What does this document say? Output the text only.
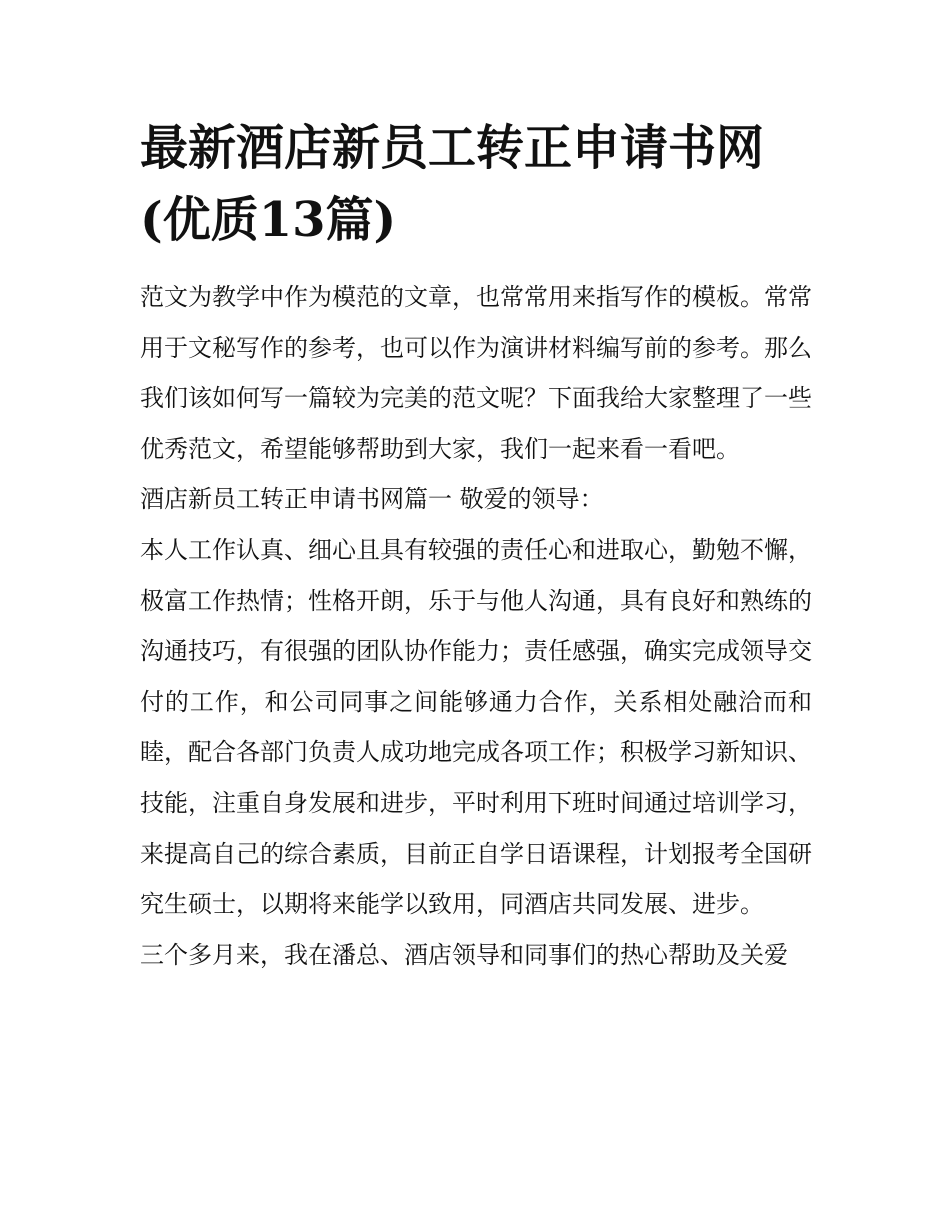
最新酒店新员工转正申请书网(优质13篇)

范文为教学中作为模范的文章，也常常用来指写作的模板。常常用于文秘写作的参考，也可以作为演讲材料编写前的参考。那么我们该如何写一篇较为完美的范文呢？下面我给大家整理了一些优秀范文，希望能够帮助到大家，我们一起来看一看吧。

酒店新员工转正申请书网篇一 敬爱的领导：

本人工作认真、细心且具有较强的责任心和进取心，勤勉不懈，极富工作热情；性格开朗，乐于与他人沟通，具有良好和熟练的沟通技巧，有很强的团队协作能力；责任感强，确实完成领导交付的工作，和公司同事之间能够通力合作，关系相处融洽而和睦，配合各部门负责人成功地完成各项工作；积极学习新知识、技能，注重自身发展和进步，平时利用下班时间通过培训学习，来提高自己的综合素质，目前正自学日语课程，计划报考全国研究生硕士，以期将来能学以致用，同酒店共同发展、进步。

三个多月来，我在潘总、酒店领导和同事们的热心帮助及关爱
